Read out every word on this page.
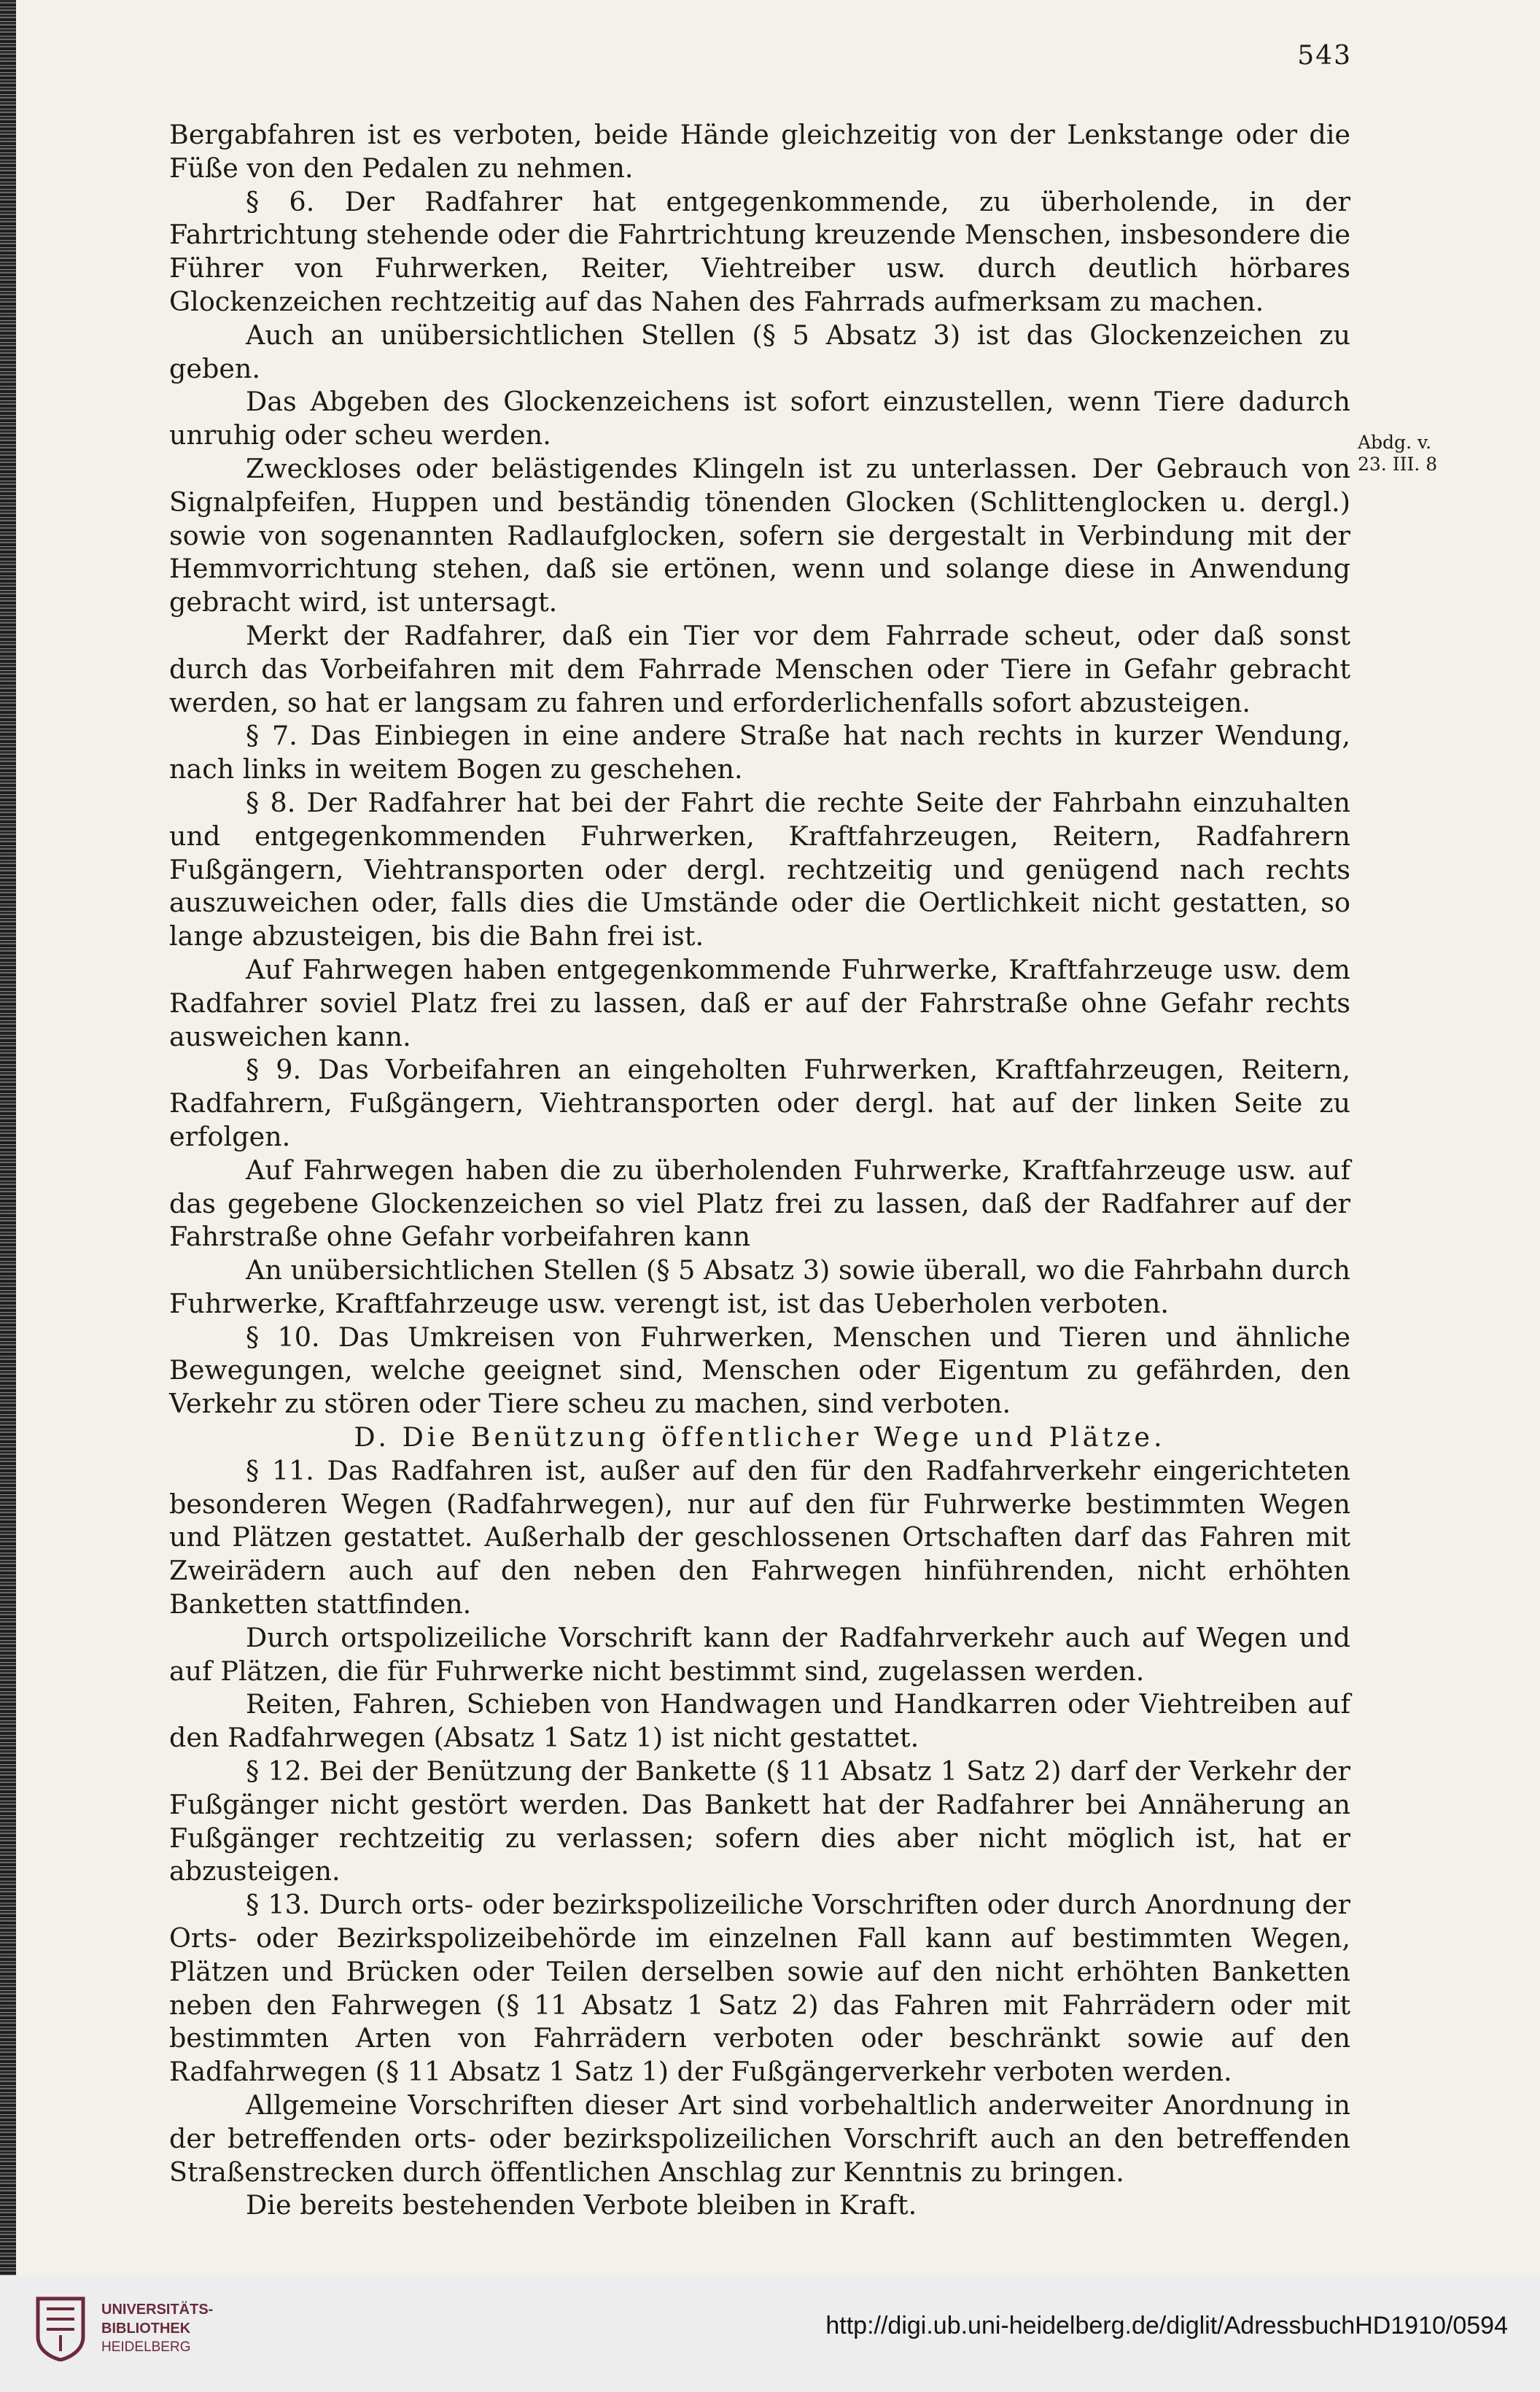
543

Bergabfahren ist es verboten, beide Hände gleichzeitig von der Lenkstange oder die Füße von den Pedalen zu nehmen.

§ 6. Der Radfahrer hat entgegenkommende, zu überholende, in der Fahrtrichtung stehende oder die Fahrtrichtung kreuzende Menschen, insbesondere die Führer von Fuhrwerken, Reiter, Viehtreiber usw. durch deutlich hörbares Glockenzeichen rechtzeitig auf das Nahen des Fahrrads aufmerksam zu machen.

Auch an unübersichtlichen Stellen (§ 5 Absatz 3) ist das Glockenzeichen zu geben.

Das Abgeben des Glockenzeichens ist sofort einzustellen, wenn Tiere dadurch unruhig oder scheu werden.

Zweckloses oder belästigendes Klingeln ist zu unterlassen. Der Gebrauch von Signalpfeifen, Huppen und beständig tönenden Glocken (Schlittenglocken u. dergl.) sowie von sogenannten Radlaufglocken, sofern sie dergestalt in Verbindung mit der Hemmvorrichtung stehen, daß sie ertönen, wenn und solange diese in Anwendung gebracht wird, ist untersagt.

Merkt der Radfahrer, daß ein Tier vor dem Fahrrade scheut, oder daß sonst durch das Vorbeifahren mit dem Fahrrade Menschen oder Tiere in Gefahr gebracht werden, so hat er langsam zu fahren und erforderlichenfalls sofort abzusteigen.

§ 7. Das Einbiegen in eine andere Straße hat nach rechts in kurzer Wendung, nach links in weitem Bogen zu geschehen.

§ 8. Der Radfahrer hat bei der Fahrt die rechte Seite der Fahrbahn einzuhalten und entgegenkommenden Fuhrwerken, Kraftfahrzeugen, Reitern, Radfahrern Fußgängern, Viehtransporten oder dergl. rechtzeitig und genügend nach rechts auszuweichen oder, falls dies die Umstände oder die Oertlichkeit nicht gestatten, so lange abzusteigen, bis die Bahn frei ist.

Auf Fahrwegen haben entgegenkommende Fuhrwerke, Kraftfahrzeuge usw. dem Radfahrer soviel Platz frei zu lassen, daß er auf der Fahrstraße ohne Gefahr rechts ausweichen kann.

§ 9. Das Vorbeifahren an eingeholten Fuhrwerken, Kraftfahrzeugen, Reitern, Radfahrern, Fußgängern, Viehtransporten oder dergl. hat auf der linken Seite zu erfolgen.

Auf Fahrwegen haben die zu überholenden Fuhrwerke, Kraftfahrzeuge usw. auf das gegebene Glockenzeichen so viel Platz frei zu lassen, daß der Radfahrer auf der Fahrstraße ohne Gefahr vorbeifahren kann

An unübersichtlichen Stellen (§ 5 Absatz 3) sowie überall, wo die Fahrbahn durch Fuhrwerke, Kraftfahrzeuge usw. verengt ist, ist das Ueberholen verboten.

§ 10. Das Umkreisen von Fuhrwerken, Menschen und Tieren und ähnliche Bewegungen, welche geeignet sind, Menschen oder Eigentum zu gefährden, den Verkehr zu stören oder Tiere scheu zu machen, sind verboten.

D. Die Benützung öffentlicher Wege und Plätze.

§ 11. Das Radfahren ist, außer auf den für den Radfahrverkehr eingerichteten besonderen Wegen (Radfahrwegen), nur auf den für Fuhrwerke bestimmten Wegen und Plätzen gestattet. Außerhalb der geschlossenen Ortschaften darf das Fahren mit Zweirädern auch auf den neben den Fahrwegen hinführenden, nicht erhöhten Banketten stattfinden.

Durch ortspolizeiliche Vorschrift kann der Radfahrverkehr auch auf Wegen und auf Plätzen, die für Fuhrwerke nicht bestimmt sind, zugelassen werden.

Reiten, Fahren, Schieben von Handwagen und Handkarren oder Viehtreiben auf den Radfahrwegen (Absatz 1 Satz 1) ist nicht gestattet.

§ 12. Bei der Benützung der Bankette (§ 11 Absatz 1 Satz 2) darf der Verkehr der Fußgänger nicht gestört werden. Das Bankett hat der Radfahrer bei Annäherung an Fußgänger rechtzeitig zu verlassen; sofern dies aber nicht möglich ist, hat er abzusteigen.

§ 13. Durch orts- oder bezirkspolizeiliche Vorschriften oder durch Anordnung der Orts- oder Bezirkspolizeibehörde im einzelnen Fall kann auf bestimmten Wegen, Plätzen und Brücken oder Teilen derselben sowie auf den nicht erhöhten Banketten neben den Fahrwegen (§ 11 Absatz 1 Satz 2) das Fahren mit Fahrrädern oder mit bestimmten Arten von Fahrrädern verboten oder beschränkt sowie auf den Radfahrwegen (§ 11 Absatz 1 Satz 1) der Fußgängerverkehr verboten werden.

Allgemeine Vorschriften dieser Art sind vorbehaltlich anderweiter Anordnung in der betreffenden orts- oder bezirkspolizeilichen Vorschrift auch an den betreffenden Straßenstrecken durch öffentlichen Anschlag zur Kenntnis zu bringen.

Die bereits bestehenden Verbote bleiben in Kraft.

Abdg. v.
23. III. 8
UNIVERSITÄTS-
BIBLIOTHEK
HEIDELBERG
http://digi.ub.uni-heidelberg.de/diglit/AdressbuchHD1910/0594
